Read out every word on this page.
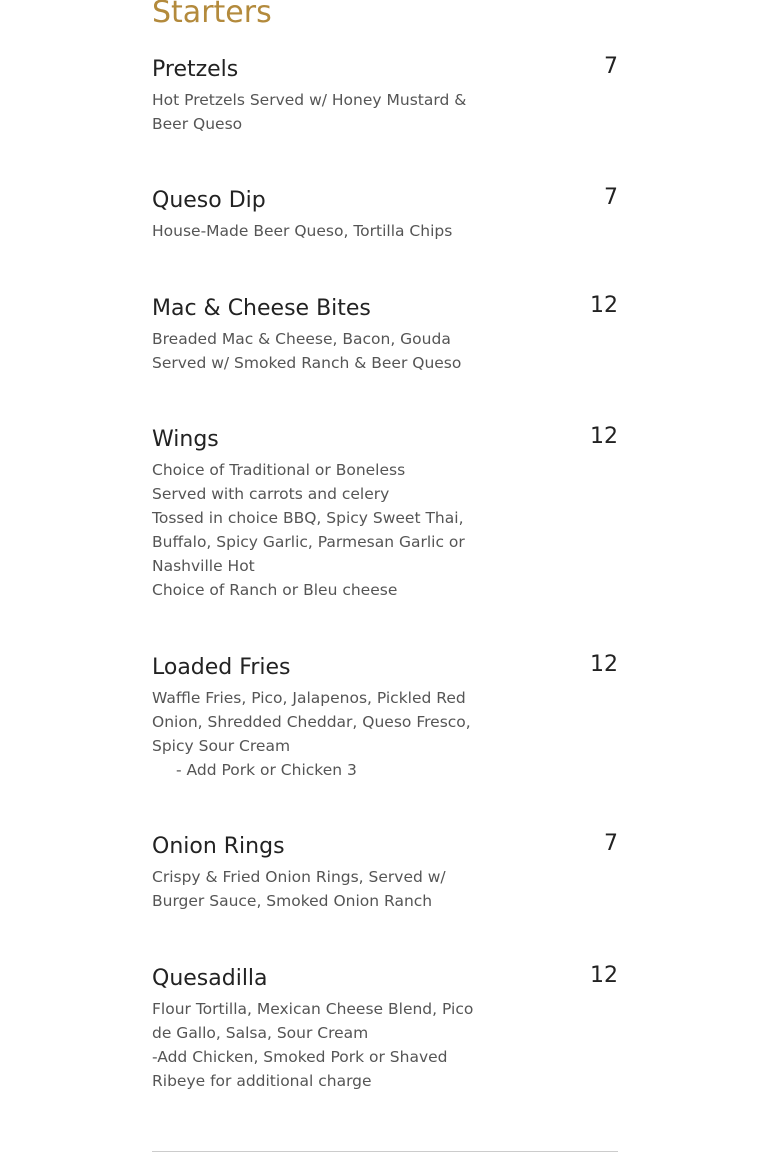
Starters
Pretzels	7
Hot Pretzels Served w/ Honey Mustard &
Beer Queso
Queso Dip	7
House-Made Beer Queso, Tortilla Chips
Mac & Cheese Bites	12
Breaded Mac & Cheese, Bacon, Gouda
Served w/ Smoked Ranch & Beer Queso
Wings	12
Choice of Traditional or Boneless
Served with carrots and celery
Tossed in choice BBQ, Spicy Sweet Thai,
Buffalo, Spicy Garlic, Parmesan Garlic or
Nashville Hot
Choice of Ranch or Bleu cheese
Loaded Fries	12
Waffle Fries, Pico, Jalapenos, Pickled Red
Onion, Shredded Cheddar, Queso Fresco,
Spicy Sour Cream
- Add Pork or Chicken 3
Onion Rings	7
Crispy & Fried Onion Rings, Served w/
Burger Sauce, Smoked Onion Ranch
Quesadilla	12
Flour Tortilla, Mexican Cheese Blend, Pico
de Gallo, Salsa, Sour Cream
-Add Chicken, Smoked Pork or Shaved
Ribeye for additional charge
